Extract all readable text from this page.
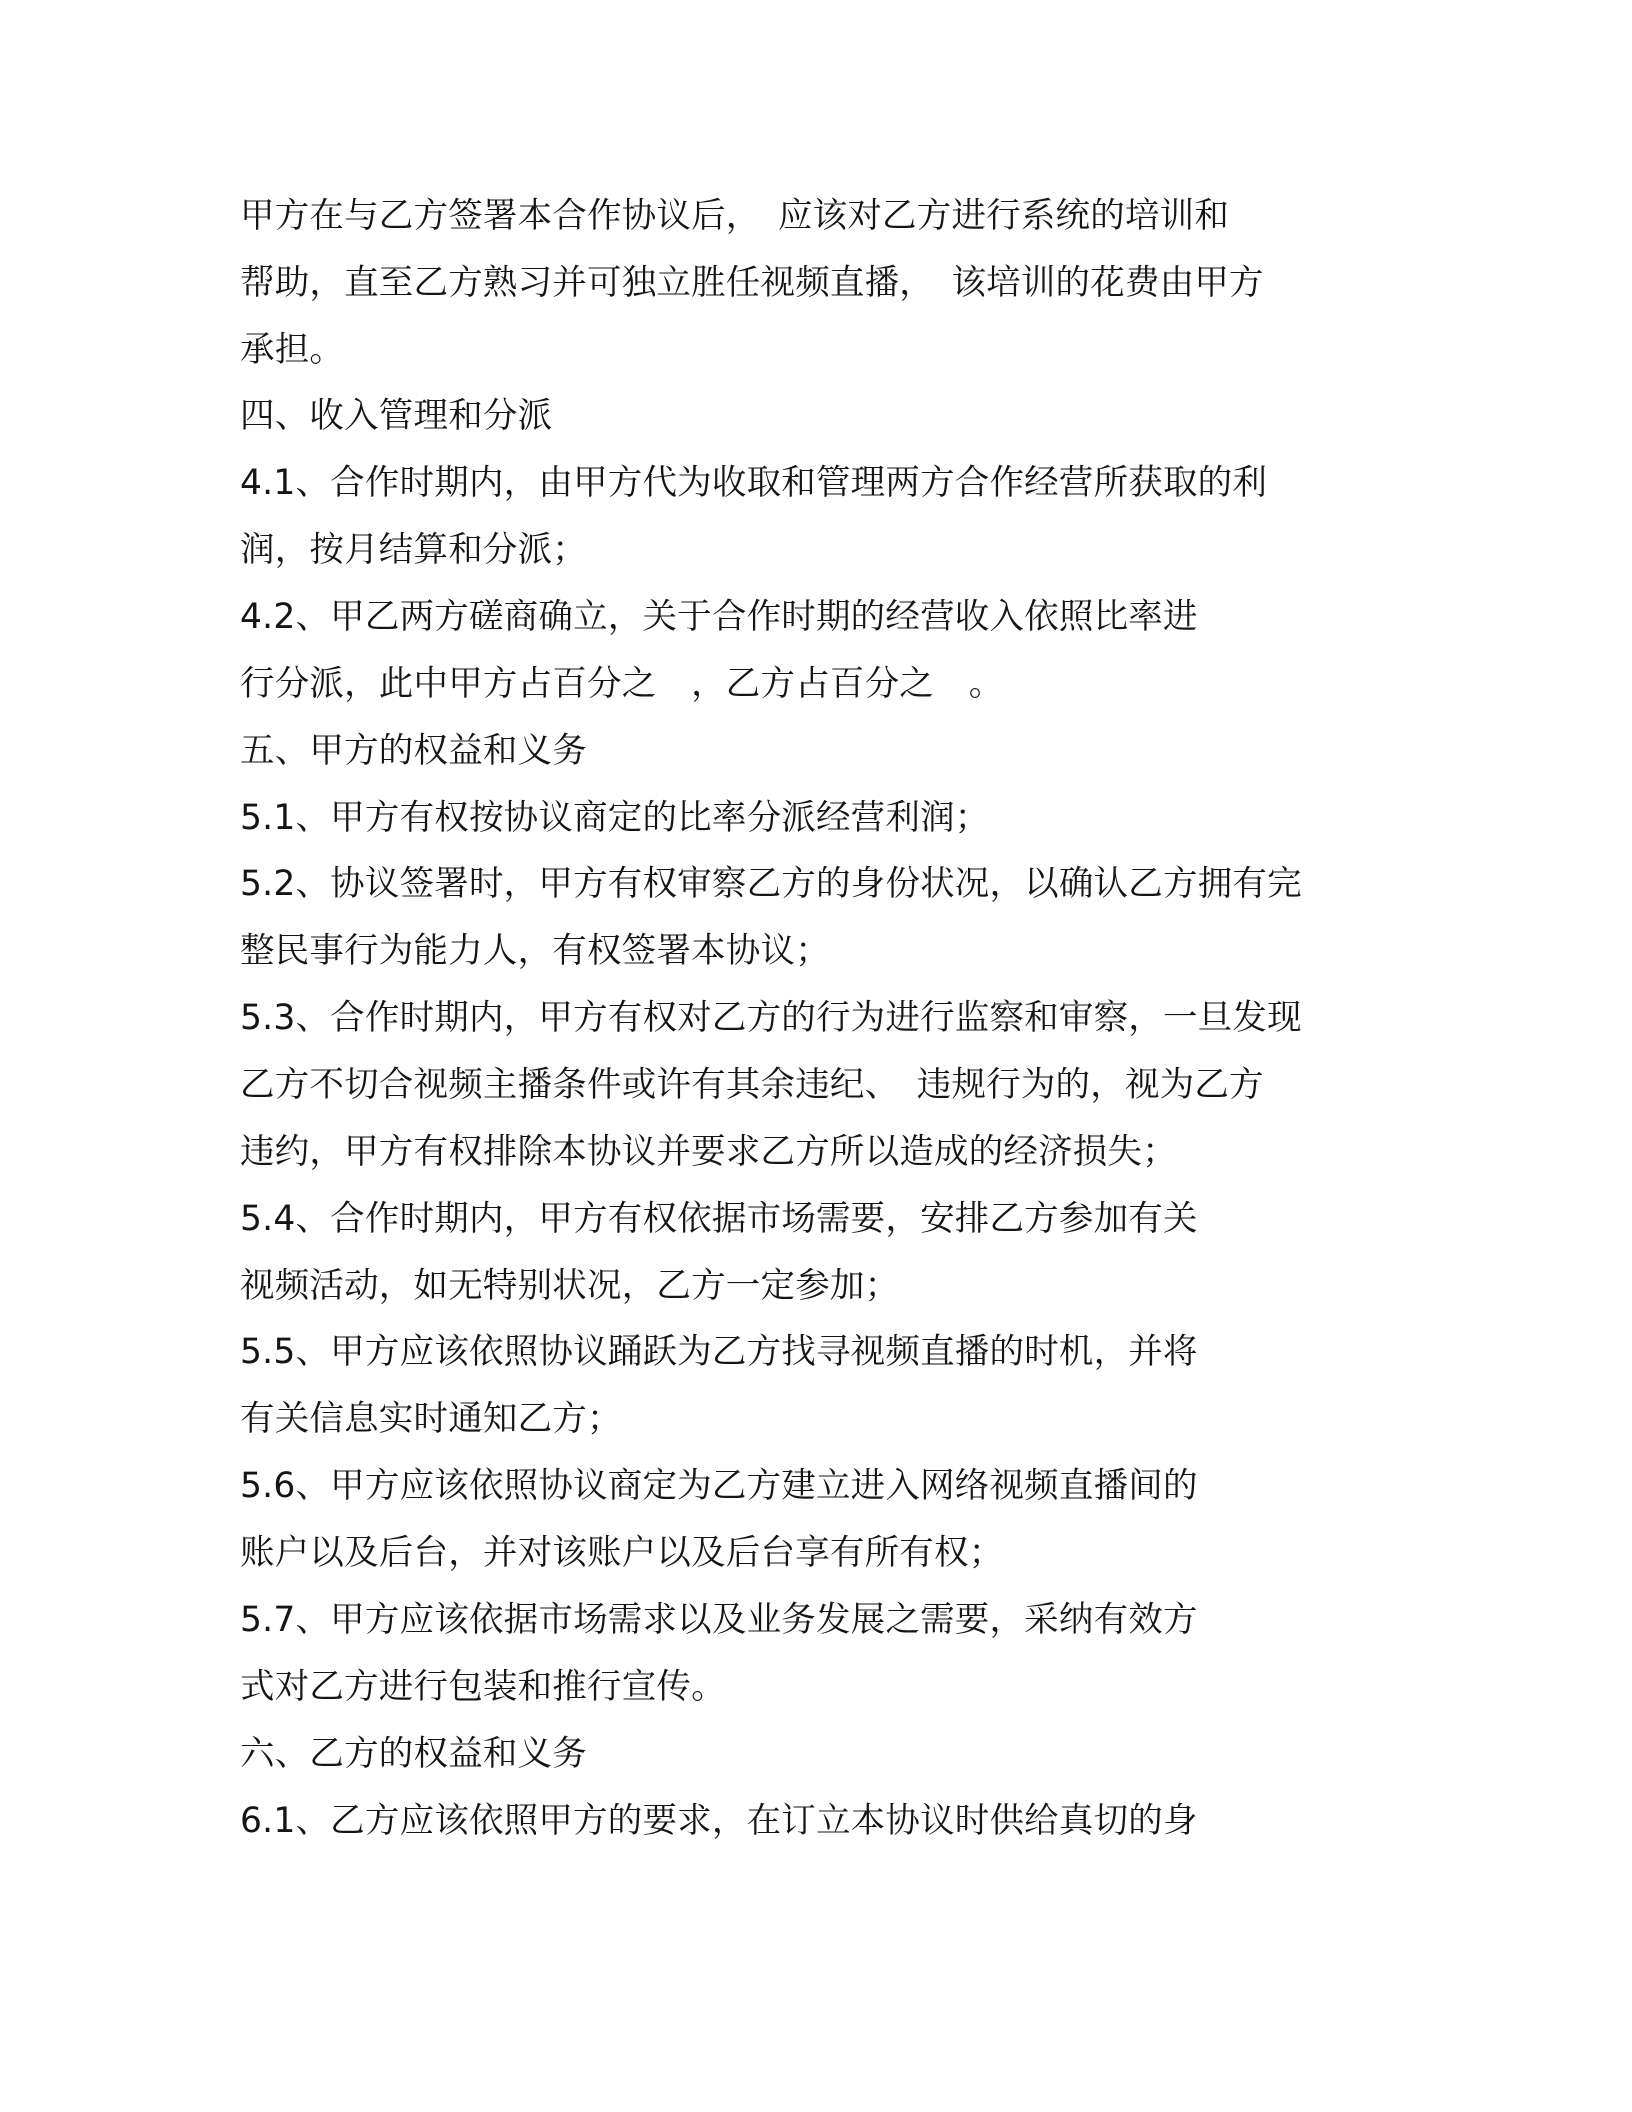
甲方在与乙方签署本合作协议后，　应该对乙方进行系统的培训和

帮助，直至乙方熟习并可独立胜任视频直播，　该培训的花费由甲方

承担。

四、收入管理和分派

4.1、合作时期内，由甲方代为收取和管理两方合作经营所获取的利

润，按月结算和分派；

4.2、甲乙两方磋商确立，关于合作时期的经营收入依照比率进

行分派，此中甲方占百分之　，乙方占百分之　。

五、甲方的权益和义务

5.1、甲方有权按协议商定的比率分派经营利润；

5.2、协议签署时，甲方有权审察乙方的身份状况，以确认乙方拥有完

整民事行为能力人，有权签署本协议；

5.3、合作时期内，甲方有权对乙方的行为进行监察和审察，一旦发现

乙方不切合视频主播条件或许有其余违纪、　违规行为的，视为乙方

违约，甲方有权排除本协议并要求乙方所以造成的经济损失；

5.4、合作时期内，甲方有权依据市场需要，安排乙方参加有关

视频活动，如无特别状况，乙方一定参加；

5.5、甲方应该依照协议踊跃为乙方找寻视频直播的时机，并将

有关信息实时通知乙方；

5.6、甲方应该依照协议商定为乙方建立进入网络视频直播间的

账户以及后台，并对该账户以及后台享有所有权；

5.7、甲方应该依据市场需求以及业务发展之需要，采纳有效方

式对乙方进行包装和推行宣传。

六、乙方的权益和义务

6.1、乙方应该依照甲方的要求，在订立本协议时供给真切的身
